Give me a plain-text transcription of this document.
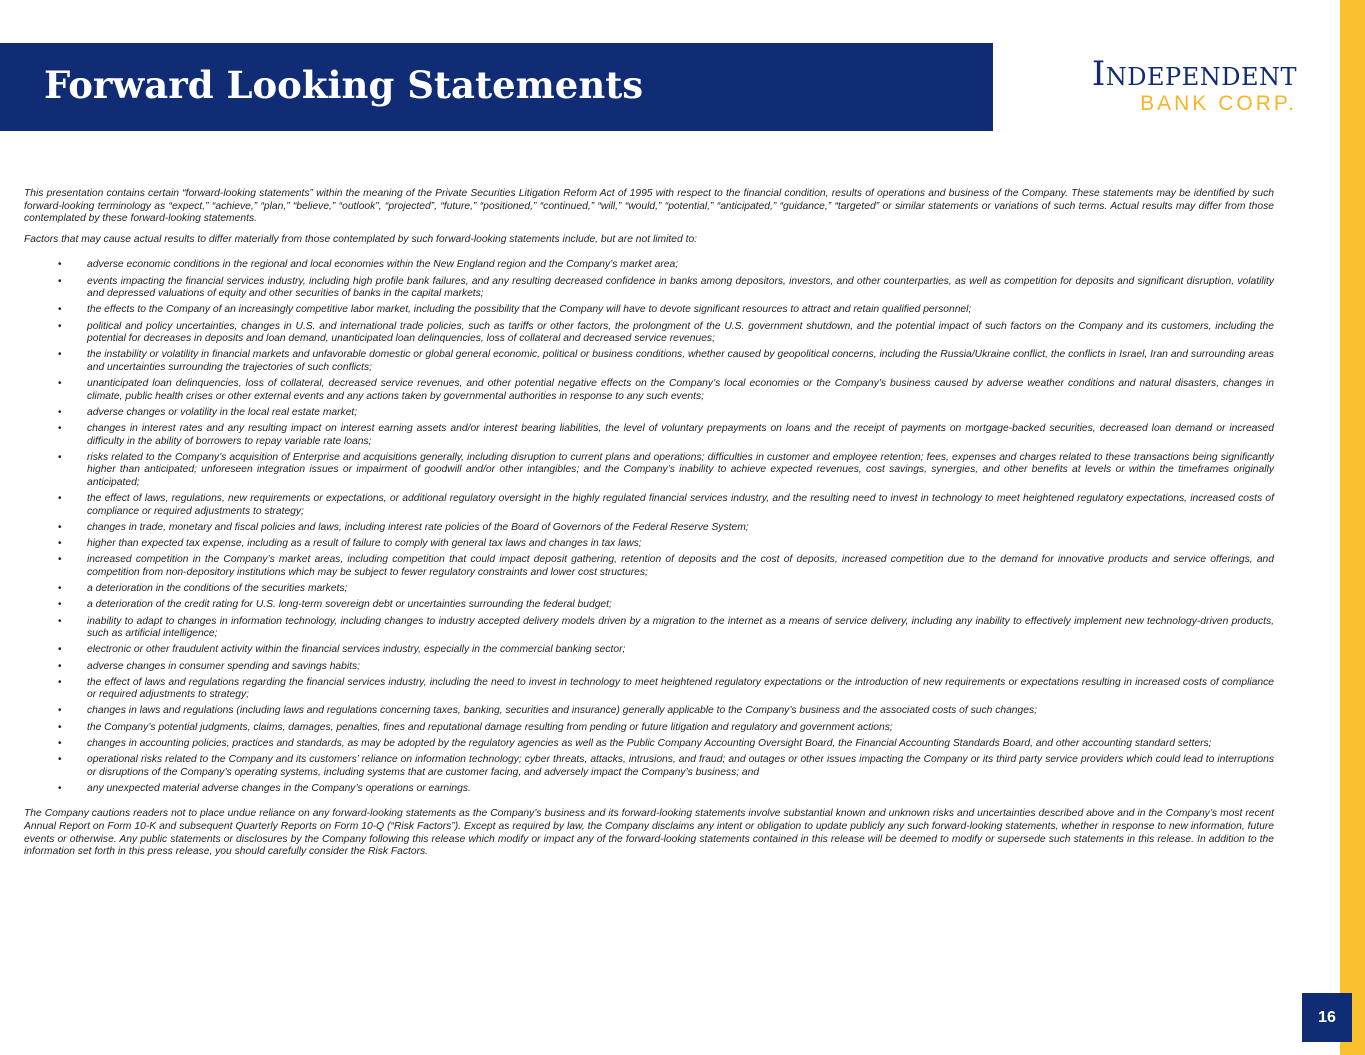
Forward Looking Statements	Independent
BANK CORP.

This presentation contains certain “forward-looking statements” within the meaning of the Private Securities Litigation Reform Act of 1995 with respect to the financial condition, results of operations and business of the Company. These statements may be identified by such forward-looking terminology as “expect,” “achieve,” “plan,” “believe,” “outlook”, “projected”, “future,” “positioned,” “continued,” “will,” “would,” “potential,” “anticipated,” “guidance,” “targeted” or similar statements or variations of such terms. Actual results may differ from those contemplated by these forward-looking statements.

Factors that may cause actual results to differ materially from those contemplated by such forward-looking statements include, but are not limited to:

• adverse economic conditions in the regional and local economies within the New England region and the Company’s market area;
• events impacting the financial services industry, including high profile bank failures, and any resulting decreased confidence in banks among depositors, investors, and other counterparties, as well as competition for deposits and significant disruption, volatility and depressed valuations of equity and other securities of banks in the capital markets;
• the effects to the Company of an increasingly competitive labor market, including the possibility that the Company will have to devote significant resources to attract and retain qualified personnel;
• political and policy uncertainties, changes in U.S. and international trade policies, such as tariffs or other factors, the prolongment of the U.S. government shutdown, and the potential impact of such factors on the Company and its customers, including the potential for decreases in deposits and loan demand, unanticipated loan delinquencies, loss of collateral and decreased service revenues;
• the instability or volatility in financial markets and unfavorable domestic or global general economic, political or business conditions, whether caused by geopolitical concerns, including the Russia/Ukraine conflict, the conflicts in Israel, Iran and surrounding areas and uncertainties surrounding the trajectories of such conflicts;
• unanticipated loan delinquencies, loss of collateral, decreased service revenues, and other potential negative effects on the Company’s local economies or the Company’s business caused by adverse weather conditions and natural disasters, changes in climate, public health crises or other external events and any actions taken by governmental authorities in response to any such events;
• adverse changes or volatility in the local real estate market;
• changes in interest rates and any resulting impact on interest earning assets and/or interest bearing liabilities, the level of voluntary prepayments on loans and the receipt of payments on mortgage-backed securities, decreased loan demand or increased difficulty in the ability of borrowers to repay variable rate loans;
• risks related to the Company’s acquisition of Enterprise and acquisitions generally, including disruption to current plans and operations; difficulties in customer and employee retention; fees, expenses and charges related to these transactions being significantly higher than anticipated; unforeseen integration issues or impairment of goodwill and/or other intangibles; and the Company’s inability to achieve expected revenues, cost savings, synergies, and other benefits at levels or within the timeframes originally anticipated;
• the effect of laws, regulations, new requirements or expectations, or additional regulatory oversight in the highly regulated financial services industry, and the resulting need to invest in technology to meet heightened regulatory expectations, increased costs of compliance or required adjustments to strategy;
• changes in trade, monetary and fiscal policies and laws, including interest rate policies of the Board of Governors of the Federal Reserve System;
• higher than expected tax expense, including as a result of failure to comply with general tax laws and changes in tax laws;
• increased competition in the Company’s market areas, including competition that could impact deposit gathering, retention of deposits and the cost of deposits, increased competition due to the demand for innovative products and service offerings, and competition from non-depository institutions which may be subject to fewer regulatory constraints and lower cost structures;
• a deterioration in the conditions of the securities markets;
• a deterioration of the credit rating for U.S. long-term sovereign debt or uncertainties surrounding the federal budget;
• inability to adapt to changes in information technology, including changes to industry accepted delivery models driven by a migration to the internet as a means of service delivery, including any inability to effectively implement new technology-driven products, such as artificial intelligence;
• electronic or other fraudulent activity within the financial services industry, especially in the commercial banking sector;
• adverse changes in consumer spending and savings habits;
• the effect of laws and regulations regarding the financial services industry, including the need to invest in technology to meet heightened regulatory expectations or the introduction of new requirements or expectations resulting in increased costs of compliance or required adjustments to strategy;
• changes in laws and regulations (including laws and regulations concerning taxes, banking, securities and insurance) generally applicable to the Company’s business and the associated costs of such changes;
• the Company’s potential judgments, claims, damages, penalties, fines and reputational damage resulting from pending or future litigation and regulatory and government actions;
• changes in accounting policies, practices and standards, as may be adopted by the regulatory agencies as well as the Public Company Accounting Oversight Board, the Financial Accounting Standards Board, and other accounting standard setters;
• operational risks related to the Company and its customers’ reliance on information technology; cyber threats, attacks, intrusions, and fraud; and outages or other issues impacting the Company or its third party service providers which could lead to interruptions or disruptions of the Company’s operating systems, including systems that are customer facing, and adversely impact the Company’s business; and
• any unexpected material adverse changes in the Company’s operations or earnings.

The Company cautions readers not to place undue reliance on any forward-looking statements as the Company’s business and its forward-looking statements involve substantial known and unknown risks and uncertainties described above and in the Company’s most recent Annual Report on Form 10-K and subsequent Quarterly Reports on Form 10-Q (“Risk Factors”). Except as required by law, the Company disclaims any intent or obligation to update publicly any such forward-looking statements, whether in response to new information, future events or otherwise. Any public statements or disclosures by the Company following this release which modify or impact any of the forward-looking statements contained in this release will be deemed to modify or supersede such statements in this release. In addition to the information set forth in this press release, you should carefully consider the Risk Factors.

16
